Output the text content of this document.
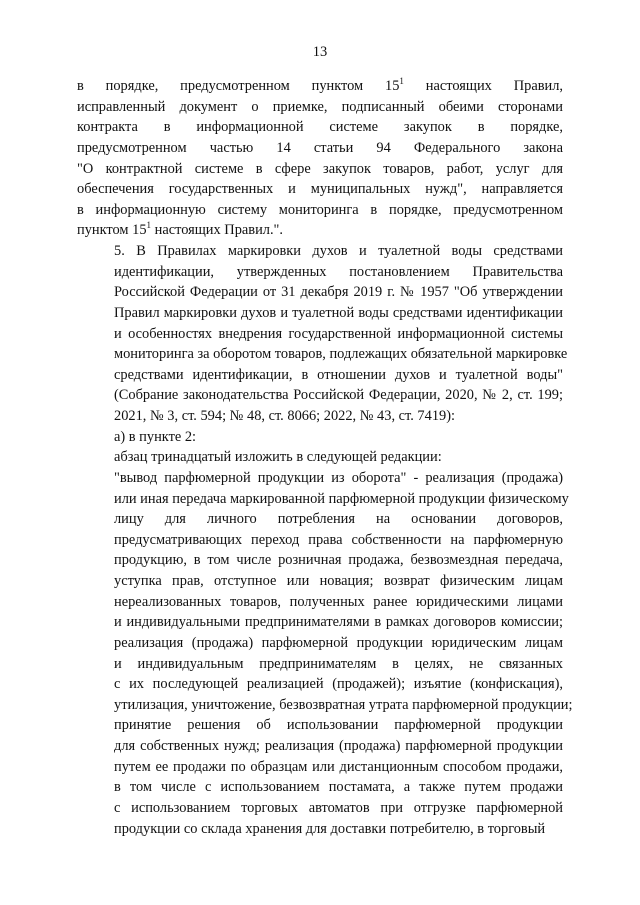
13

в порядке, предусмотренном пунктом $15^1$ настоящих Правил,
исправленный документ о приемке, подписанный обеими сторонами
контракта в информационной системе закупок в порядке,
предусмотренном частью 14 статьи 94 Федерального закона
"О контрактной системе в сфере закупок товаров, работ, услуг для
обеспечения государственных и муниципальных нужд", направляется
в информационную систему мониторинга в порядке, предусмотренном
пунктом $15^1$ настоящих Правил.".

5. В Правилах маркировки духов и туалетной воды средствами
идентификации, утвержденных постановлением Правительства
Российской Федерации от 31 декабря 2019 г. № 1957 "Об утверждении
Правил маркировки духов и туалетной воды средствами идентификации
и особенностях внедрения государственной информационной системы
мониторинга за оборотом товаров, подлежащих обязательной маркировке
средствами идентификации, в отношении духов и туалетной воды"
(Собрание законодательства Российской Федерации, 2020, № 2, ст. 199;
2021, № 3, ст. 594; № 48, ст. 8066; 2022, № 43, ст. 7419):

а) в пункте 2:

абзац тринадцатый изложить в следующей редакции:

"вывод парфюмерной продукции из оборота" - реализация (продажа)
или иная передача маркированной парфюмерной продукции физическому
лицу для личного потребления на основании договоров,
предусматривающих переход права собственности на парфюмерную
продукцию, в том числе розничная продажа, безвозмездная передача,
уступка прав, отступное или новация; возврат физическим лицам
нереализованных товаров, полученных ранее юридическими лицами
и индивидуальными предпринимателями в рамках договоров комиссии;
реализация (продажа) парфюмерной продукции юридическим лицам
и индивидуальным предпринимателям в целях, не связанных
с их последующей реализацией (продажей); изъятие (конфискация),
утилизация, уничтожение, безвозвратная утрата парфюмерной продукции;
принятие решения об использовании парфюмерной продукции
для собственных нужд; реализация (продажа) парфюмерной продукции
путем ее продажи по образцам или дистанционным способом продажи,
в том числе с использованием постамата, а также путем продажи
с использованием торговых автоматов при отгрузке парфюмерной
продукции со склада хранения для доставки потребителю, в торговый
